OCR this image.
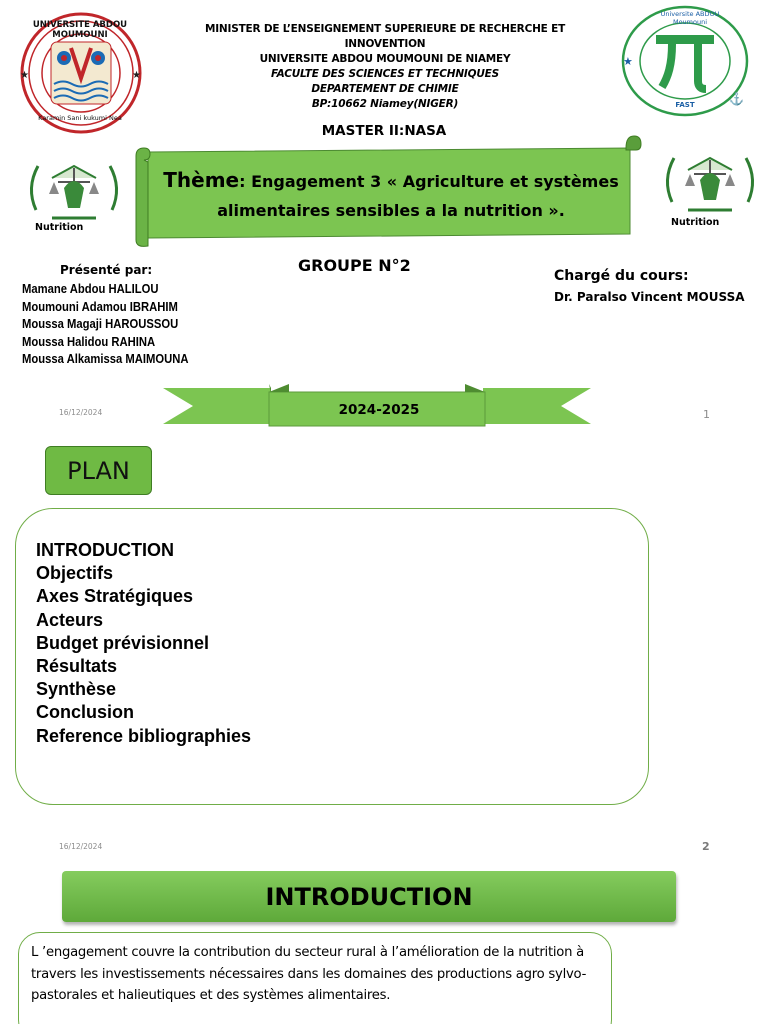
★	★
UNIVERSITE ABDOU MOUMOUNI
Karamin Sani kukumi Nea
★
⚓
Universite ABDOU Moumouni
FAST
MINISTER DE L’ENSEIGNEMENT SUPERIEURE DE RECHERCHE ET INNOVENTION
UNIVERSITE ABDOU MOUMOUNI DE NIAMEY
FACULTE DES SCIENCES ET TECHNIQUES
DEPARTEMENT DE CHIMIE
BP:10662 Niamey(NIGER)
MASTER II:NASA
Thème: Engagement 3 « Agriculture et systèmes
alimentaires sensibles a la nutrition ».
Nutrition	Nutrition
Présenté par:
Mamane Abdou HALILOU
Moumouni Adamou IBRAHIM
Moussa Magaji HAROUSSOU
Moussa Halidou RAHINA
Moussa Alkamissa MAIMOUNA
GROUPE N°2
Chargé du cours:
Dr. Paralso Vincent MOUSSA
2024-2025
16/12/2024	1
PLAN
INTRODUCTION
Objectifs
Axes Stratégiques
Acteurs
Budget prévisionnel
Résultats
Synthèse
Conclusion
Reference bibliographies
16/12/2024	2
INTRODUCTION
L ’engagement couvre la contribution du secteur rural à l’amélioration de la nutrition à
travers les investissements nécessaires dans les domaines des productions agro sylvo-
pastorales et halieutiques et des systèmes alimentaires.
